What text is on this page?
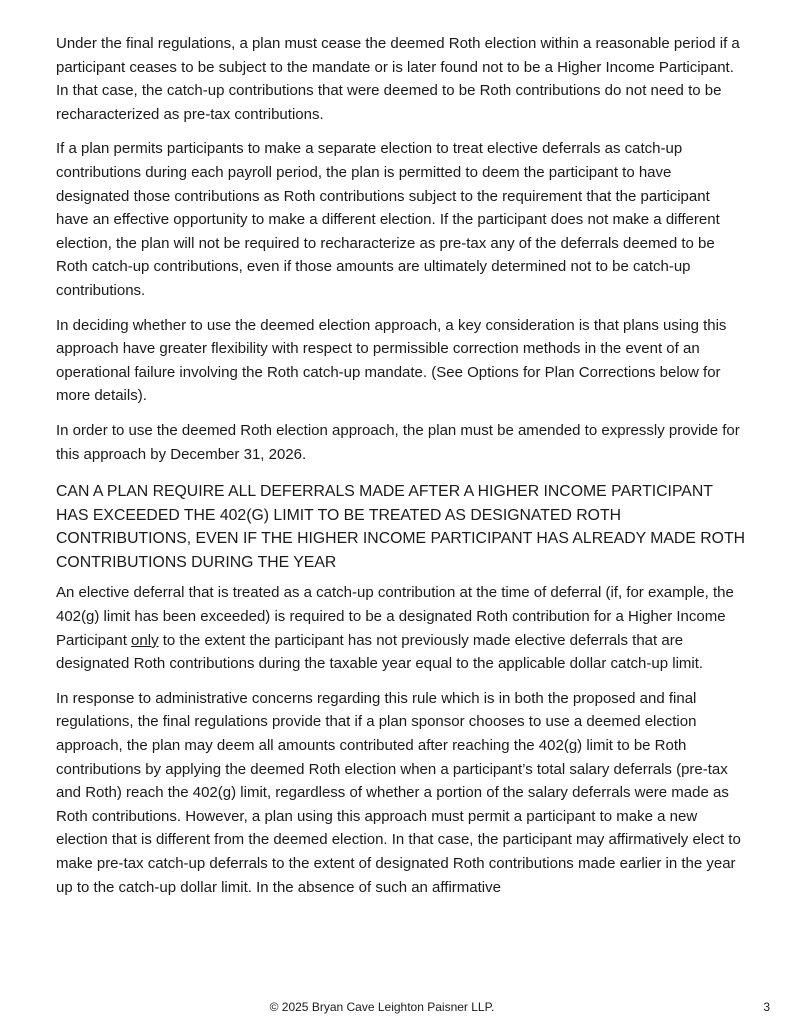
Under the final regulations, a plan must cease the deemed Roth election within a reasonable period if a participant ceases to be subject to the mandate or is later found not to be a Higher Income Participant. In that case, the catch-up contributions that were deemed to be Roth contributions do not need to be recharacterized as pre-tax contributions.

If a plan permits participants to make a separate election to treat elective deferrals as catch-up contributions during each payroll period, the plan is permitted to deem the participant to have designated those contributions as Roth contributions subject to the requirement that the participant have an effective opportunity to make a different election. If the participant does not make a different election, the plan will not be required to recharacterize as pre-tax any of the deferrals deemed to be Roth catch-up contributions, even if those amounts are ultimately determined not to be catch-up contributions.

In deciding whether to use the deemed election approach, a key consideration is that plans using this approach have greater flexibility with respect to permissible correction methods in the event of an operational failure involving the Roth catch-up mandate. (See Options for Plan Corrections below for more details).

In order to use the deemed Roth election approach, the plan must be amended to expressly provide for this approach by December 31, 2026.

CAN A PLAN REQUIRE ALL DEFERRALS MADE AFTER A HIGHER INCOME PARTICIPANT HAS EXCEEDED THE 402(G) LIMIT TO BE TREATED AS DESIGNATED ROTH CONTRIBUTIONS, EVEN IF THE HIGHER INCOME PARTICIPANT HAS ALREADY MADE ROTH CONTRIBUTIONS DURING THE YEAR

An elective deferral that is treated as a catch-up contribution at the time of deferral (if, for example, the 402(g) limit has been exceeded) is required to be a designated Roth contribution for a Higher Income Participant only to the extent the participant has not previously made elective deferrals that are designated Roth contributions during the taxable year equal to the applicable dollar catch-up limit.

In response to administrative concerns regarding this rule which is in both the proposed and final regulations, the final regulations provide that if a plan sponsor chooses to use a deemed election approach, the plan may deem all amounts contributed after reaching the 402(g) limit to be Roth contributions by applying the deemed Roth election when a participant’s total salary deferrals (pre-tax and Roth) reach the 402(g) limit, regardless of whether a portion of the salary deferrals were made as Roth contributions. However, a plan using this approach must permit a participant to make a new election that is different from the deemed election. In that case, the participant may affirmatively elect to make pre-tax catch-up deferrals to the extent of designated Roth contributions made earlier in the year up to the catch-up dollar limit. In the absence of such an affirmative

© 2025 Bryan Cave Leighton Paisner LLP.	3
